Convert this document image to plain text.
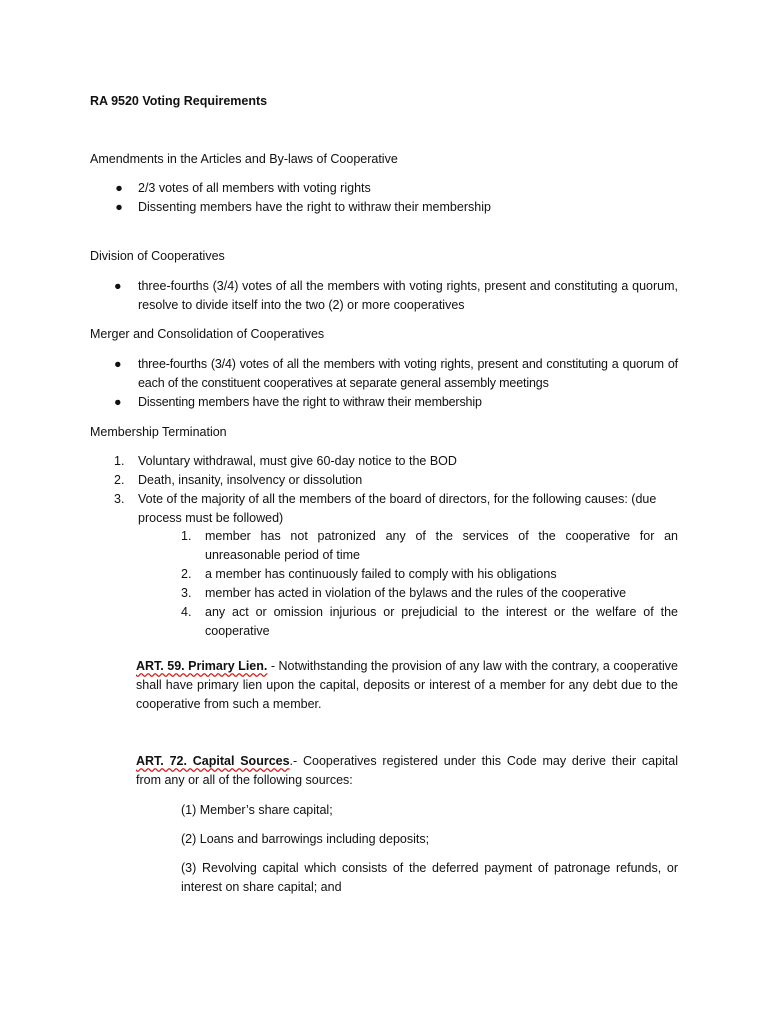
RA 9520 Voting Requirements

Amendments in the Articles and By-laws of Cooperative

● 2/3 votes of all members with voting rights
● Dissenting members have the right to withraw their membership

Division of Cooperatives

● three-fourths (3/4) votes of all the members with voting rights, present and constituting a quorum, resolve to divide itself into the two (2) or more cooperatives

Merger and Consolidation of Cooperatives

● three-fourths (3/4) votes of all the members with voting rights, present and constituting a quorum of each of the constituent cooperatives at separate general assembly meetings
● Dissenting members have the right to withraw their membership

Membership Termination

1.	Voluntary withdrawal, must give 60-day notice to the BOD
2.	Death, insanity, insolvency or dissolution
3.	Vote of the majority of all the members of the board of directors, for the following causes: (due process must be followed)
1.	member has not patronized any of the services of the cooperative for an unreasonable period of time
2.	a member has continuously failed to comply with his obligations
3.	member has acted in violation of the bylaws and the rules of the cooperative
4.	any act or omission injurious or prejudicial to the interest or the welfare of the cooperative

ART. 59. Primary Lien. - Notwithstanding the provision of any law with the contrary, a cooperative shall have primary lien upon the capital, deposits or interest of a member for any debt due to the cooperative from such a member.

ART. 72. Capital Sources.- Cooperatives registered under this Code may derive their capital from any or all of the following sources:

(1) Member’s share capital;

(2) Loans and barrowings including deposits;

(3) Revolving capital which consists of the deferred payment of patronage refunds, or interest on share capital; and
